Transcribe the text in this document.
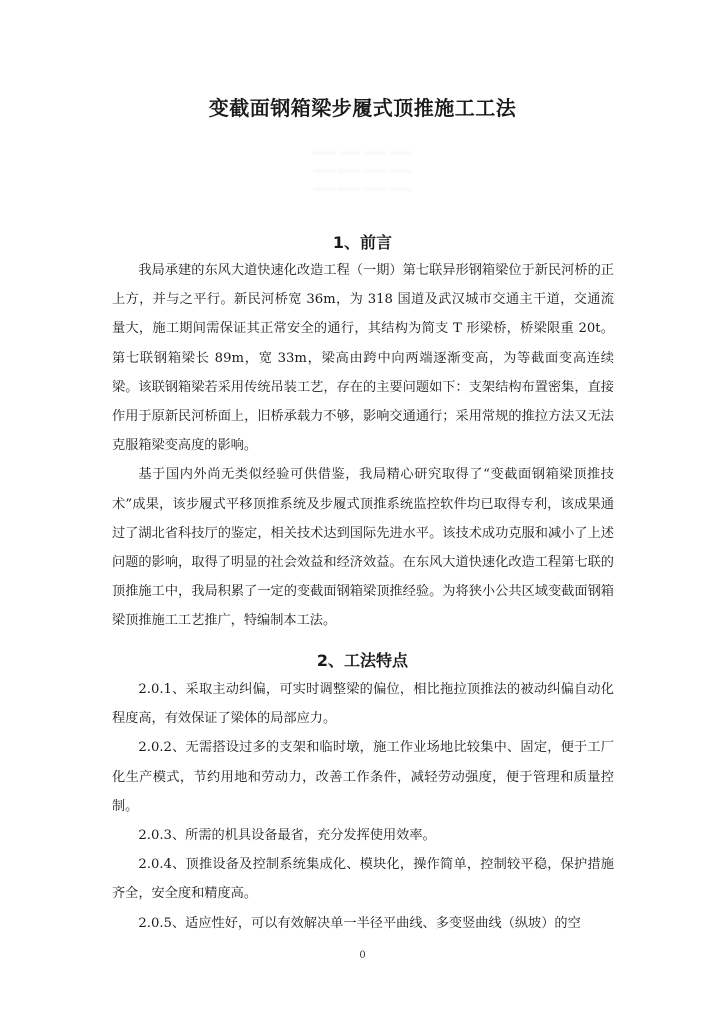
变截面钢箱梁步履式顶推施工工法
…… …… …… ……
…… …… …… ……
…… …… …… ……
1、前言

我局承建的东风大道快速化改造工程（一期）第七联异形钢箱梁位于新民河桥的正上方，并与之平行。新民河桥宽 36m，为 318 国道及武汉城市交通主干道，交通流量大，施工期间需保证其正常安全的通行，其结构为简支 T 形梁桥，桥梁限重 20t。第七联钢箱梁长 89m，宽 33m，梁高由跨中向两端逐渐变高，为等截面变高连续梁。该联钢箱梁若采用传统吊装工艺，存在的主要问题如下：支架结构布置密集，直接作用于原新民河桥面上，旧桥承载力不够，影响交通通行；采用常规的推拉方法又无法克服箱梁变高度的影响。

基于国内外尚无类似经验可供借鉴，我局精心研究取得了“变截面钢箱梁顶推技术”成果，该步履式平移顶推系统及步履式顶推系统监控软件均已取得专利，该成果通过了湖北省科技厅的鉴定，相关技术达到国际先进水平。该技术成功克服和减小了上述问题的影响，取得了明显的社会效益和经济效益。在东风大道快速化改造工程第七联的顶推施工中，我局积累了一定的变截面钢箱梁顶推经验。为将狭小公共区域变截面钢箱梁顶推施工工艺推广，特编制本工法。

2、工法特点

2.0.1、采取主动纠偏，可实时调整梁的偏位，相比拖拉顶推法的被动纠偏自动化程度高，有效保证了梁体的局部应力。

2.0.2、无需搭设过多的支架和临时墩，施工作业场地比较集中、固定，便于工厂化生产模式，节约用地和劳动力，改善工作条件，减轻劳动强度，便于管理和质量控制。

2.0.3、所需的机具设备最省，充分发挥使用效率。

2.0.4、顶推设备及控制系统集成化、模块化，操作简单，控制较平稳，保护措施齐全，安全度和精度高。

2.0.5、适应性好，可以有效解决单一半径平曲线、多变竖曲线（纵坡）的空

0
